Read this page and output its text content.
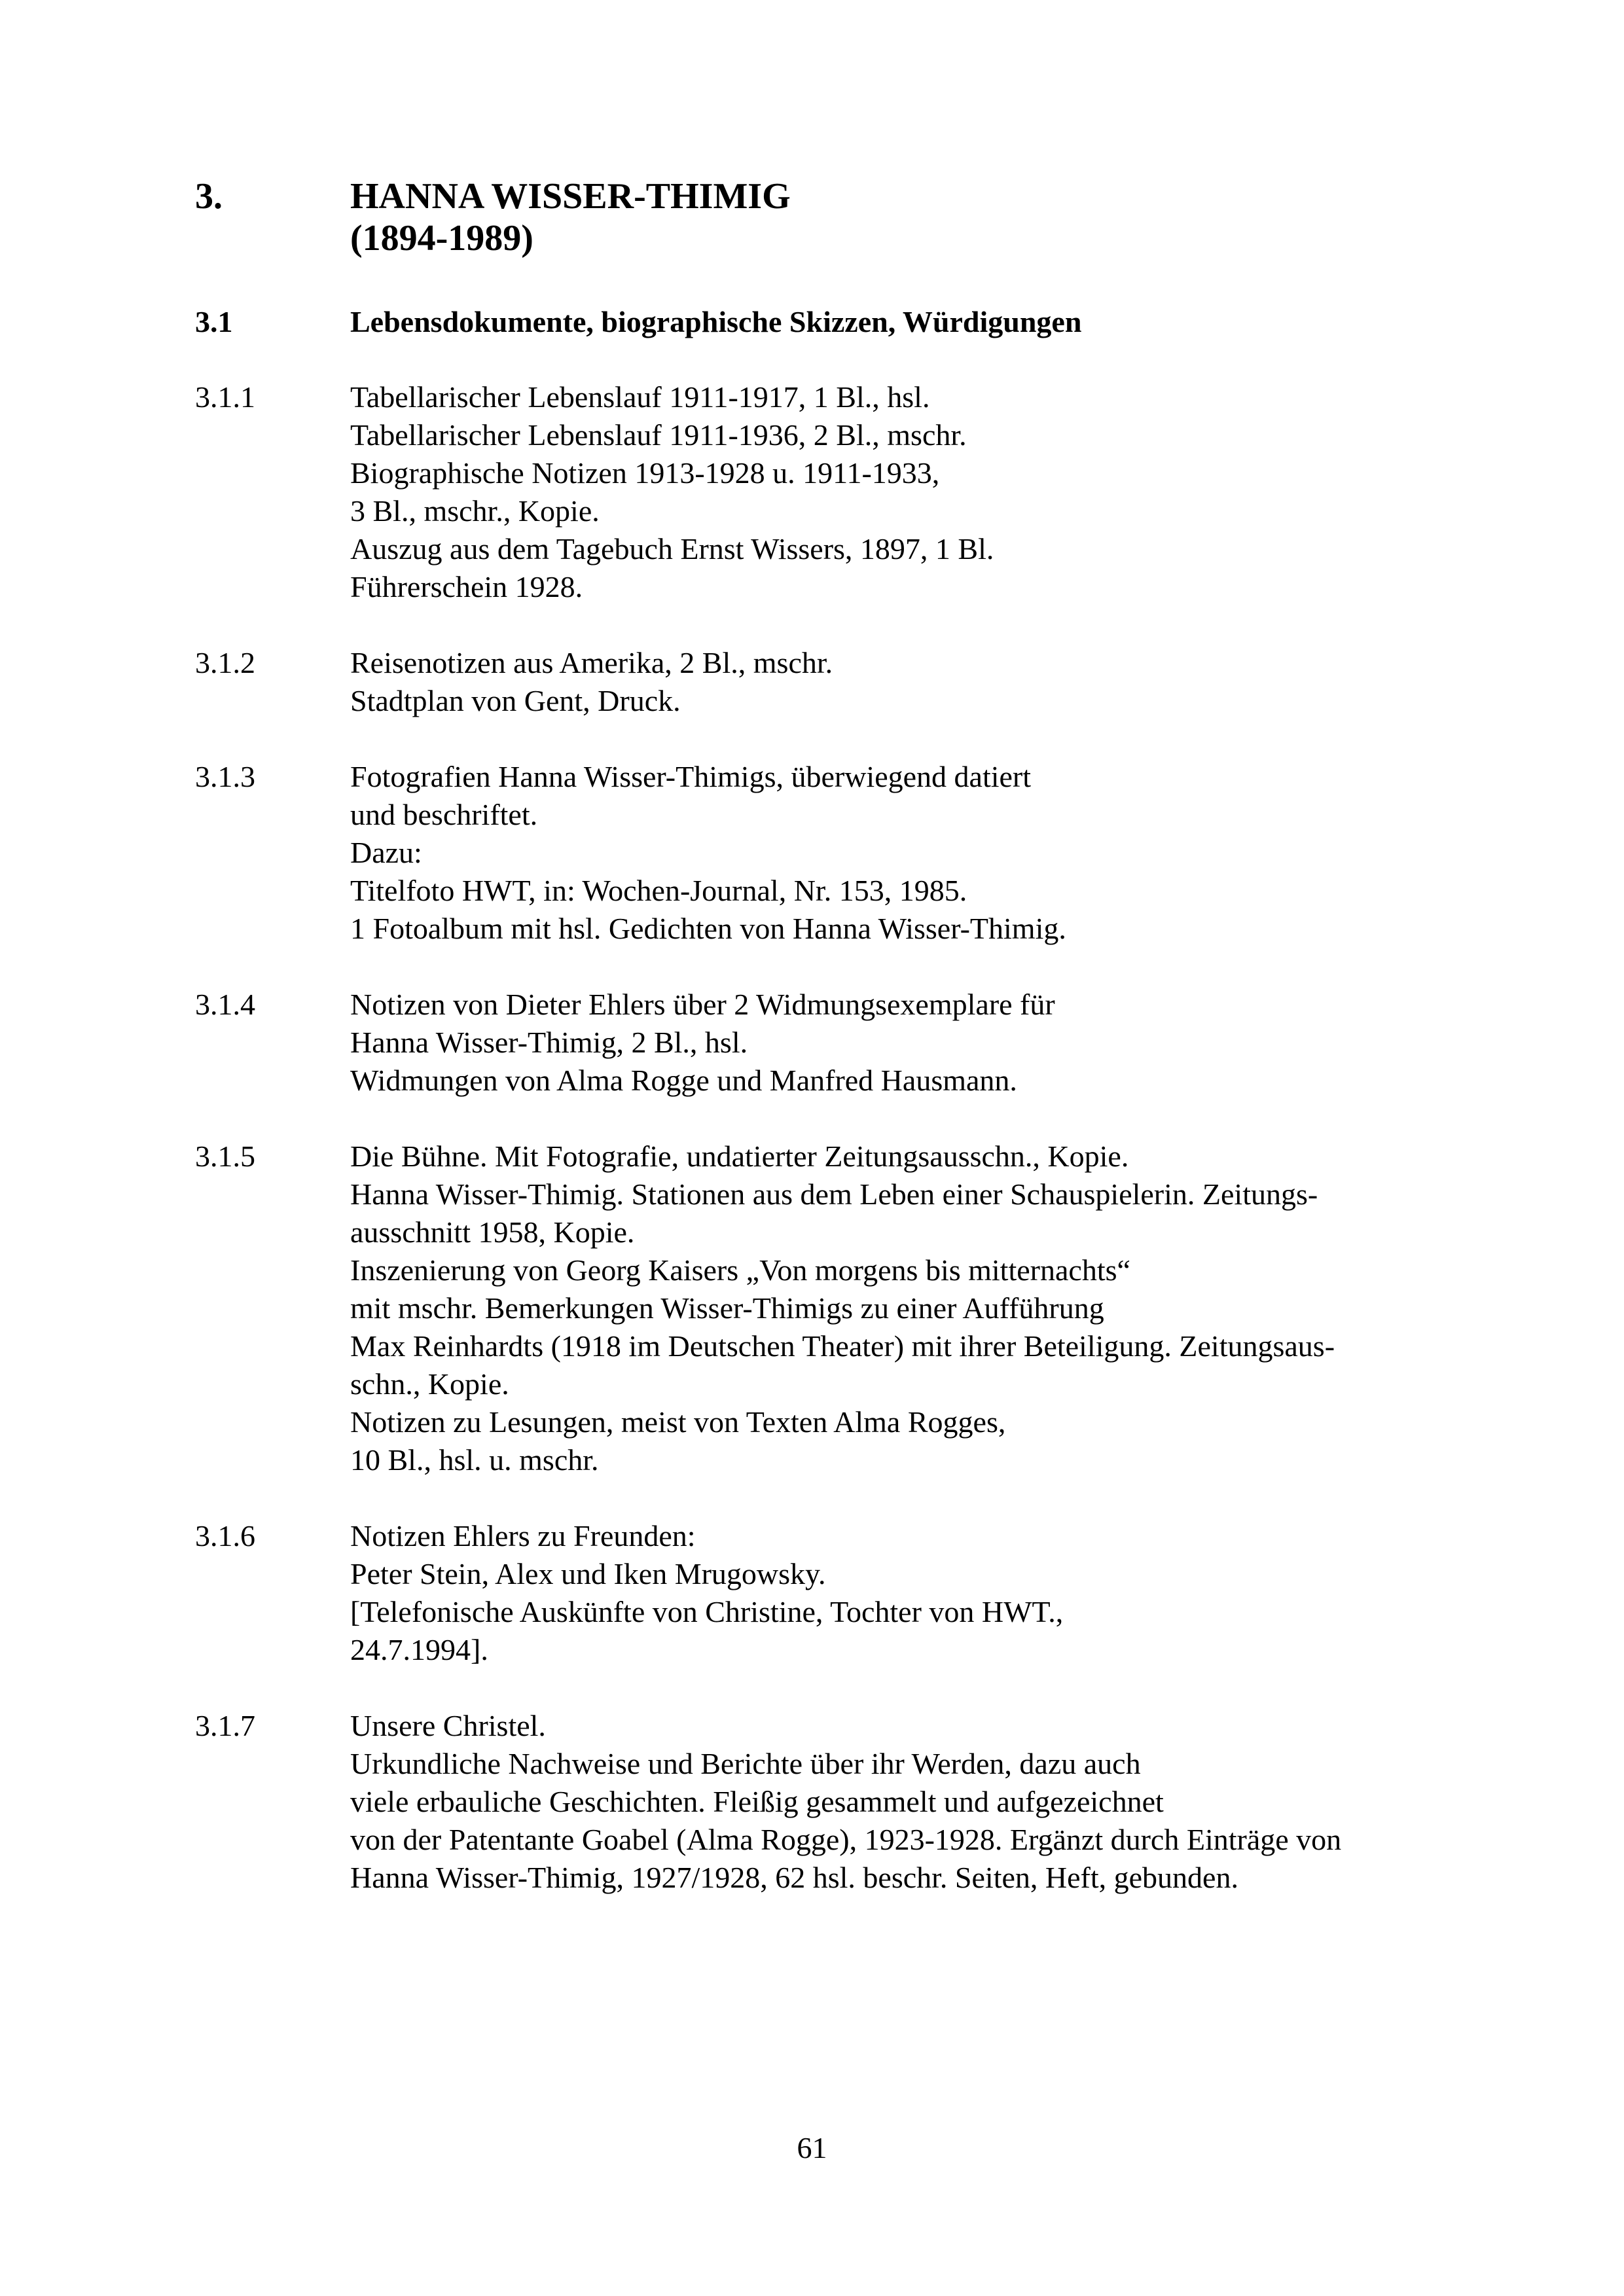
3.	HANNA WISSER-THIMIG
(1894-1989)
3.1	Lebensdokumente, biographische Skizzen, Würdigungen
3.1.1	Tabellarischer Lebenslauf 1911-1917, 1 Bl., hsl.
Tabellarischer Lebenslauf 1911-1936, 2 Bl., mschr.
Biographische Notizen 1913-1928 u. 1911-1933,
3 Bl., mschr., Kopie.
Auszug aus dem Tagebuch Ernst Wissers, 1897, 1 Bl.
Führerschein 1928.
3.1.2	Reisenotizen aus Amerika, 2 Bl., mschr.
Stadtplan von Gent, Druck.
3.1.3	Fotografien Hanna Wisser-Thimigs, überwiegend datiert
und beschriftet.
Dazu:
Titelfoto HWT, in: Wochen-Journal, Nr. 153, 1985.
1 Fotoalbum mit hsl. Gedichten von Hanna Wisser-Thimig.
3.1.4	Notizen von Dieter Ehlers über 2 Widmungsexemplare für
Hanna Wisser-Thimig, 2 Bl., hsl.
Widmungen von Alma Rogge und Manfred Hausmann.
3.1.5	Die Bühne. Mit Fotografie, undatierter Zeitungsausschn., Kopie.
Hanna Wisser-Thimig. Stationen aus dem Leben einer Schauspielerin. Zeitungs-
ausschnitt 1958, Kopie.
Inszenierung von Georg Kaisers „Von morgens bis mitternachts“
mit mschr. Bemerkungen Wisser-Thimigs zu einer Aufführung
Max Reinhardts (1918 im Deutschen Theater) mit ihrer Beteiligung. Zeitungsaus-
schn., Kopie.
Notizen zu Lesungen, meist von Texten Alma Rogges,
10 Bl., hsl. u. mschr.
3.1.6	Notizen Ehlers zu Freunden:
Peter Stein, Alex und Iken Mrugowsky.
[Telefonische Auskünfte von Christine, Tochter von HWT.,
24.7.1994].
3.1.7	Unsere Christel.
Urkundliche Nachweise und Berichte über ihr Werden, dazu auch
viele erbauliche Geschichten. Fleißig gesammelt und aufgezeichnet
von der Patentante Goabel (Alma Rogge), 1923-1928. Ergänzt durch Einträge von
Hanna Wisser-Thimig, 1927/1928, 62 hsl. beschr. Seiten, Heft, gebunden.
61
